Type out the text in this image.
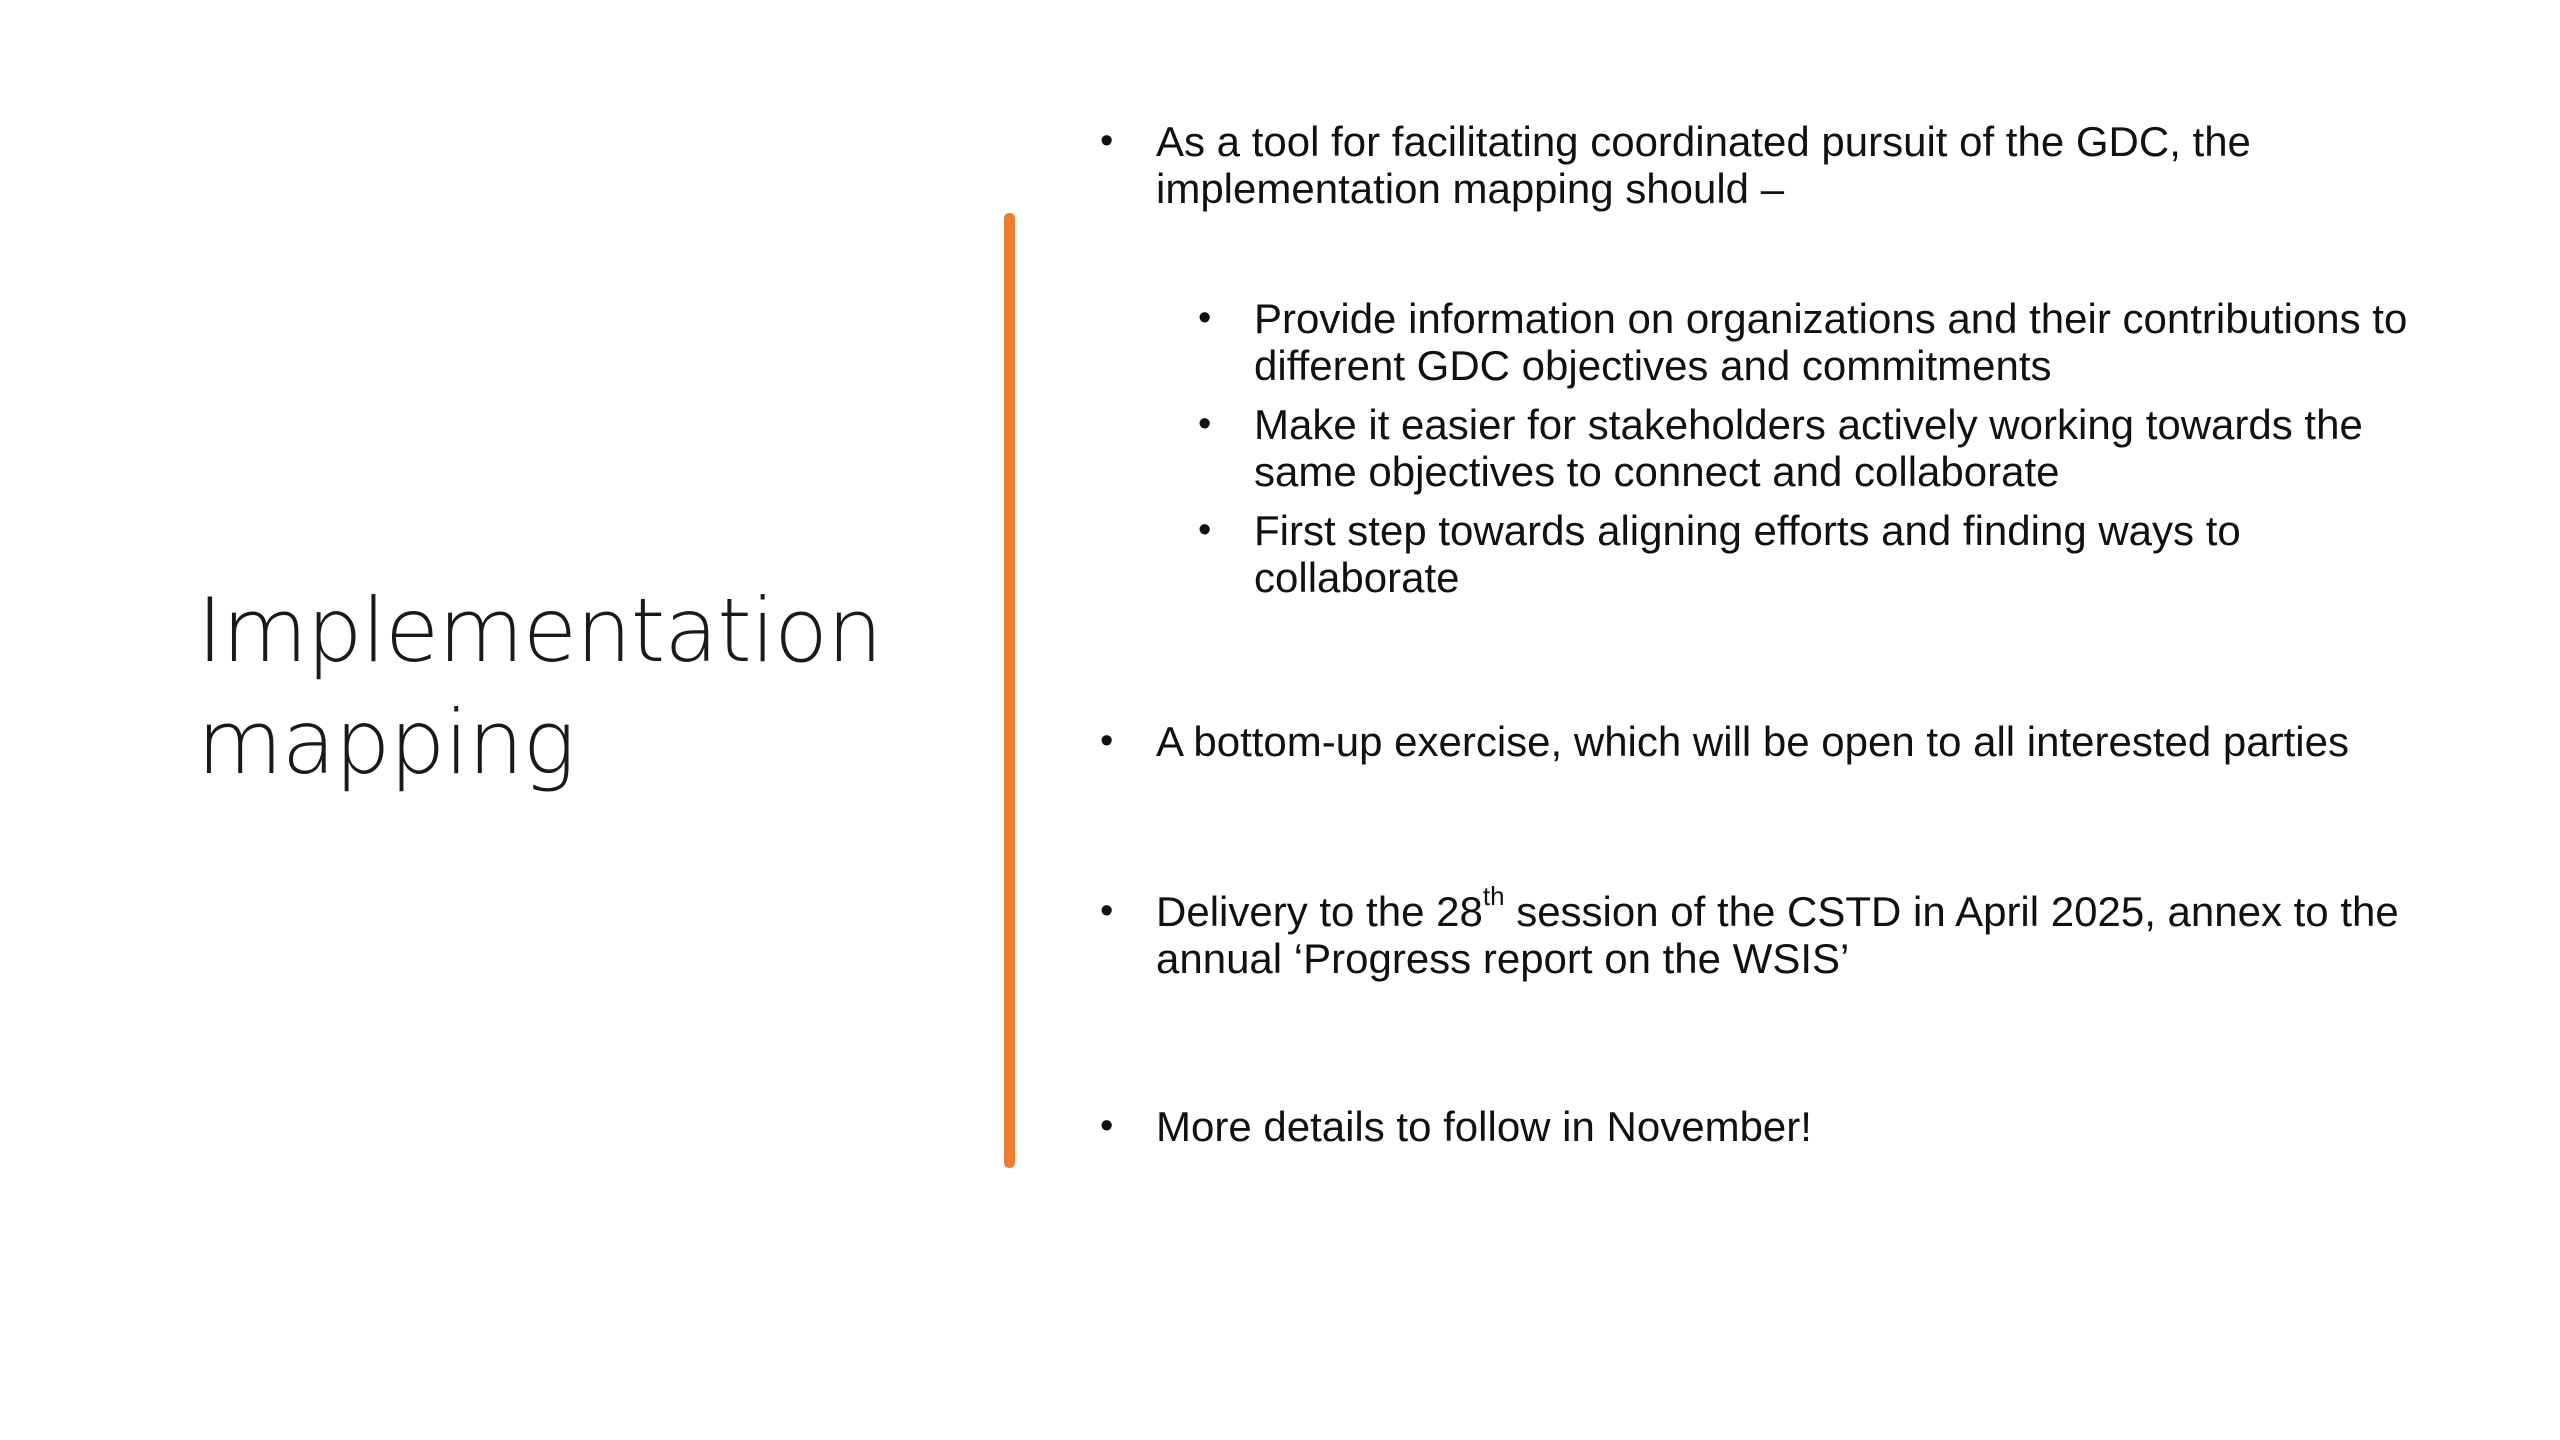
Implementation
mapping
•	As a tool for facilitating coordinated pursuit of the GDC, the implementation mapping should –
•	Provide information on organizations and their contributions to different GDC objectives and commitments
•	Make it easier for stakeholders actively working towards the same objectives to connect and collaborate
•	First step towards aligning efforts and finding ways to collaborate
•	A bottom-up exercise, which will be open to all interested parties
•	Delivery to the 28th session of the CSTD in April 2025, annex to the annual ‘Progress report on the WSIS’
•	More details to follow in November!
